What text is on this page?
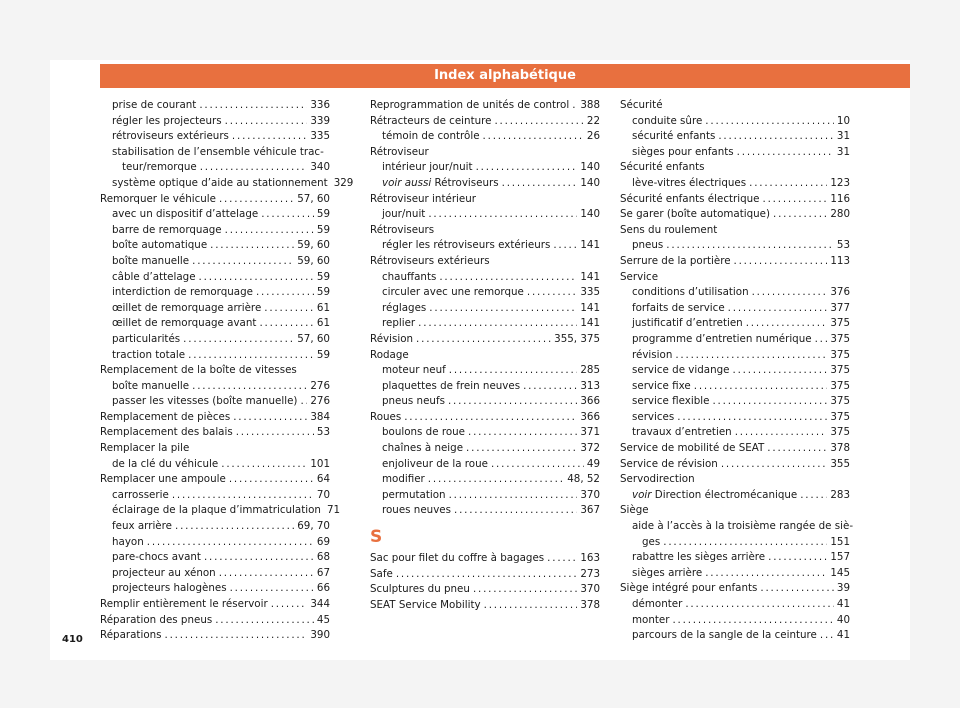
Index alphabétique
prise de courant .....	336
régler les projecteurs .....	339
rétroviseurs extérieurs .....	335
stabilisation de l’ensemble véhicule trac-
teur/remorque .....	340
système optique d’aide au stationnement 329
Remorquer le véhicule .....	57, 60
avec un dispositif d’attelage .....	59
barre de remorquage .....	59
boîte automatique .....	59, 60
boîte manuelle .....	59, 60
câble d’attelage .....	59
interdiction de remorquage .....	59
œillet de remorquage arrière .....	61
œillet de remorquage avant .....	61
particularités .....	57, 60
traction totale .....	59
Remplacement de la boîte de vitesses
boîte manuelle .....	276
passer les vitesses (boîte manuelle) ..... 276
Remplacement de pièces .....	384
Remplacement des balais .....	53
Remplacer la pile
de la clé du véhicule .....	101
Remplacer une ampoule .....	64
carrosserie .....	70
éclairage de la plaque d’immatriculation 71
feux arrière .....	69, 70
hayon .....	69
pare-chocs avant .....	68
projecteur au xénon .....	67
projecteurs halogènes .....	66
Remplir entièrement le réservoir .....	344
Réparation des pneus .....	45
Réparations .....	390
Reprogrammation de unités de control ..... 388
Rétracteurs de ceinture .....	22
témoin de contrôle .....	26
Rétroviseur
intérieur jour/nuit .....	140
voir aussi Rétroviseurs .....	140
Rétroviseur intérieur
jour/nuit .....	140
Rétroviseurs
régler les rétroviseurs extérieurs .....	141
Rétroviseurs extérieurs
chauffants .....	141
circuler avec une remorque .....	335
réglages .....	141
replier .....	141
Révision .....	355, 375
Rodage
moteur neuf .....	285
plaquettes de frein neuves .....	313
pneus neufs .....	366
Roues .....	366
boulons de roue .....	371
chaînes à neige .....	372
enjoliveur de la roue .....	49
modifier .....	48, 52
permutation .....	370
roues neuves .....	367
S
Sac pour filet du coffre à bagages .....	163
Safe .....	273
Sculptures du pneu .....	370
SEAT Service Mobility .....	378
Sécurité
conduite sûre .....	10
sécurité enfants .....	31
sièges pour enfants .....	31
Sécurité enfants
lève-vitres électriques .....	123
Sécurité enfants électrique .....	116
Se garer (boîte automatique) .....	280
Sens du roulement
pneus .....	53
Serrure de la portière .....	113
Service
conditions d’utilisation .....	376
forfaits de service .....	377
justificatif d’entretien .....	375
programme d’entretien numérique ..... 375
révision .....	375
service de vidange .....	375
service fixe .....	375
service flexible .....	375
services .....	375
travaux d’entretien .....	375
Service de mobilité de SEAT .....	378
Service de révision .....	355
Servodirection
voir Direction électromécanique .....	283
Siège
aide à l’accès à la troisième rangée de siè-
ges .....	151
rabattre les sièges arrière .....	157
sièges arrière .....	145
Siège intégré pour enfants .....	39
démonter .....	41
monter .....	40
parcours de la sangle de la ceinture ..... 41
410
